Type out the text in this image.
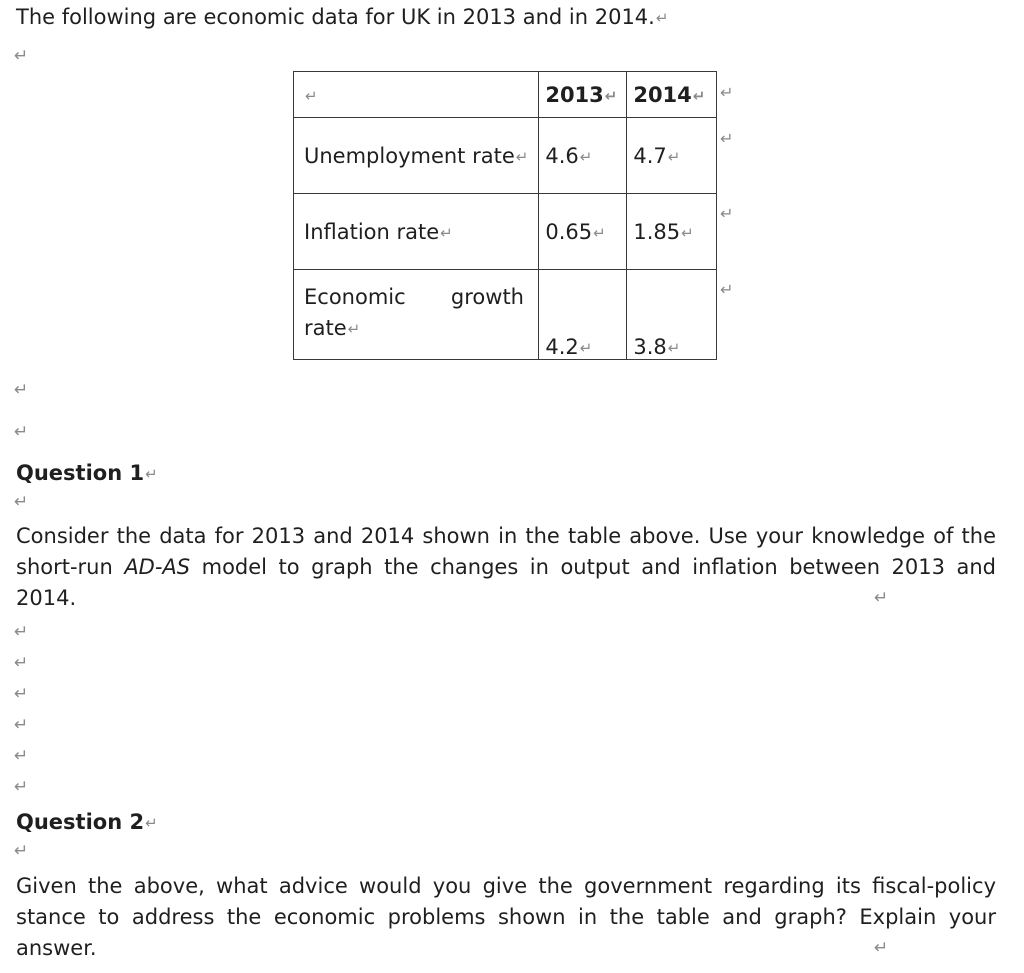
The following are economic data for UK in 2013 and in 2014.↵
↵
↵	2013↵	2014↵
Unemployment rate↵	4.6↵	4.7↵
Inflation rate↵	0.65↵	1.85↵

Economic growth
rate↵	4.2↵	3.8↵
↵
↵
↵
↵
↵
↵
Question 1↵
↵
Consider the data for 2013 and 2014 shown in the table above. Use your knowledge of the short-run AD-AS model to graph the changes in output and inflation between 2013 and 2014.	↵
↵
↵
↵
↵
↵
↵
Question 2↵
↵
Given the above, what advice would you give the government regarding its fiscal-policy stance to address the economic problems shown in the table and graph? Explain your answer.	↵
